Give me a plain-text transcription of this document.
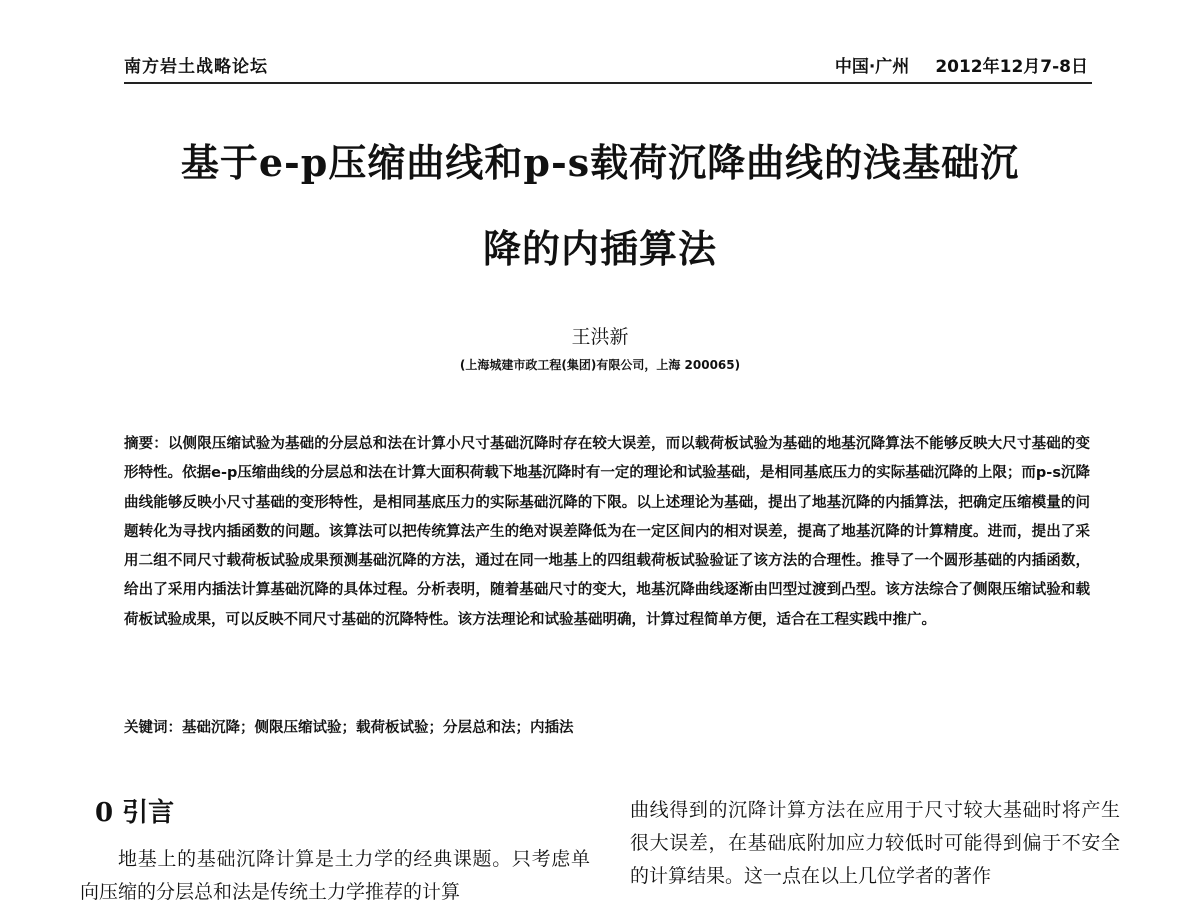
南方岩土战略论坛	中国·广州 2012年12月7-8日
基于e-p压缩曲线和p-s载荷沉降曲线的浅基础沉
降的内插算法
王洪新
(上海城建市政工程(集团)有限公司，上海 200065)
摘要：以侧限压缩试验为基础的分层总和法在计算小尺寸基础沉降时存在较大误差，而以载荷板试验为基础的地基沉降算法不能够反映大尺寸基础的变形特性。依据e-p压缩曲线的分层总和法在计算大面积荷载下地基沉降时有一定的理论和试验基础，是相同基底压力的实际基础沉降的上限；而p-s沉降曲线能够反映小尺寸基础的变形特性，是相同基底压力的实际基础沉降的下限。以上述理论为基础，提出了地基沉降的内插算法，把确定压缩模量的问题转化为寻找内插函数的问题。该算法可以把传统算法产生的绝对误差降低为在一定区间内的相对误差，提高了地基沉降的计算精度。进而，提出了采用二组不同尺寸载荷板试验成果预测基础沉降的方法，通过在同一地基上的四组载荷板试验验证了该方法的合理性。推导了一个圆形基础的内插函数，给出了采用内插法计算基础沉降的具体过程。分析表明，随着基础尺寸的变大，地基沉降曲线逐渐由凹型过渡到凸型。该方法综合了侧限压缩试验和载荷板试验成果，可以反映不同尺寸基础的沉降特性。该方法理论和试验基础明确，计算过程简单方便，适合在工程实践中推广。
关键词：基础沉降；侧限压缩试验；载荷板试验；分层总和法；内插法
0 引言
地基上的基础沉降计算是土力学的经典课题。只考虑单向压缩的分层总和法是传统土力学推荐的计算
曲线得到的沉降计算方法在应用于尺寸较大基础时将产生很大误差，在基础底附加应力较低时可能得到偏于不安全的计算结果。这一点在以上几位学者的著作
